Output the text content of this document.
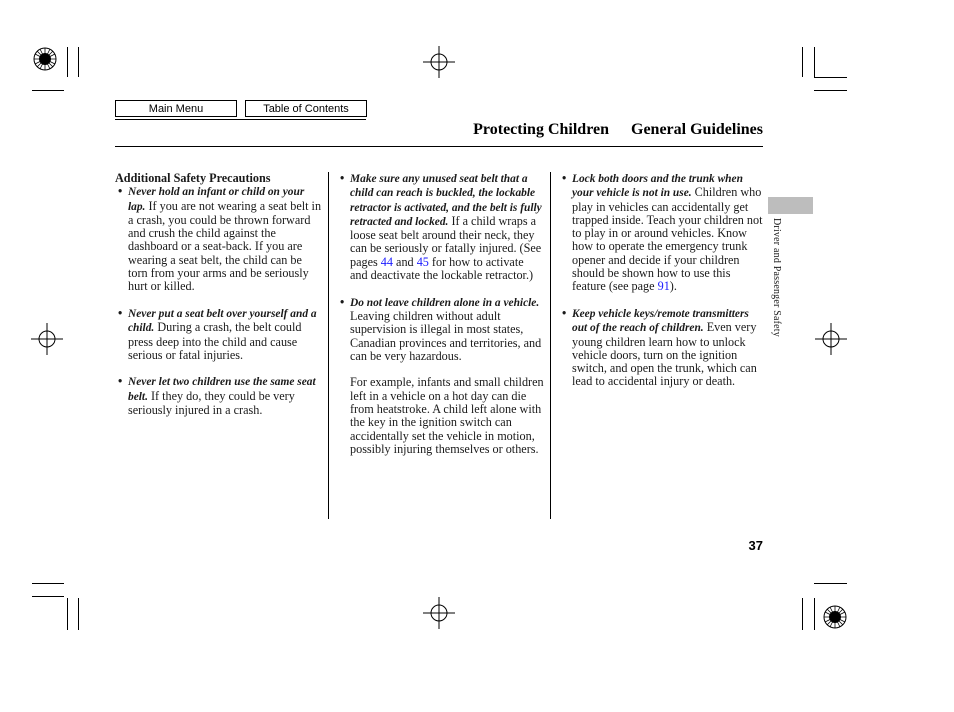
Main Menu	Table of Contents
Protecting Children General Guidelines

Additional Safety Precautions

• Never hold an infant or child on your lap. If you are not wearing a seat belt in a crash, you could be thrown forward and crush the child against the dashboard or a seat-back. If you are wearing a seat belt, the child can be torn from your arms and be seriously hurt or killed.

• Never put a seat belt over yourself and a child. During a crash, the belt could press deep into the child and cause serious or fatal injuries.

• Never let two children use the same seat belt. If they do, they could be very seriously injured in a crash.

• Make sure any unused seat belt that a child can reach is buckled, the lockable retractor is activated, and the belt is fully retracted and locked. If a child wraps a loose seat belt around their neck, they can be seriously or fatally injured. (See pages 44 and 45 for how to activate and deactivate the lockable retractor.)

• Do not leave children alone in a vehicle. Leaving children without adult supervision is illegal in most states, Canadian provinces and territories, and can be very hazardous.

For example, infants and small children left in a vehicle on a hot day can die from heatstroke. A child left alone with the key in the ignition switch can accidentally set the vehicle in motion, possibly injuring themselves or others.

• Lock both doors and the trunk when your vehicle is not in use. Children who play in vehicles can accidentally get trapped inside. Teach your children not to play in or around vehicles. Know how to operate the emergency trunk opener and decide if your children should be shown how to use this feature (see page 91).

• Keep vehicle keys/remote transmitters out of the reach of children. Even very young children learn how to unlock vehicle doors, turn on the ignition switch, and open the trunk, which can lead to accidental injury or death.

Driver and Passenger Safety
37
